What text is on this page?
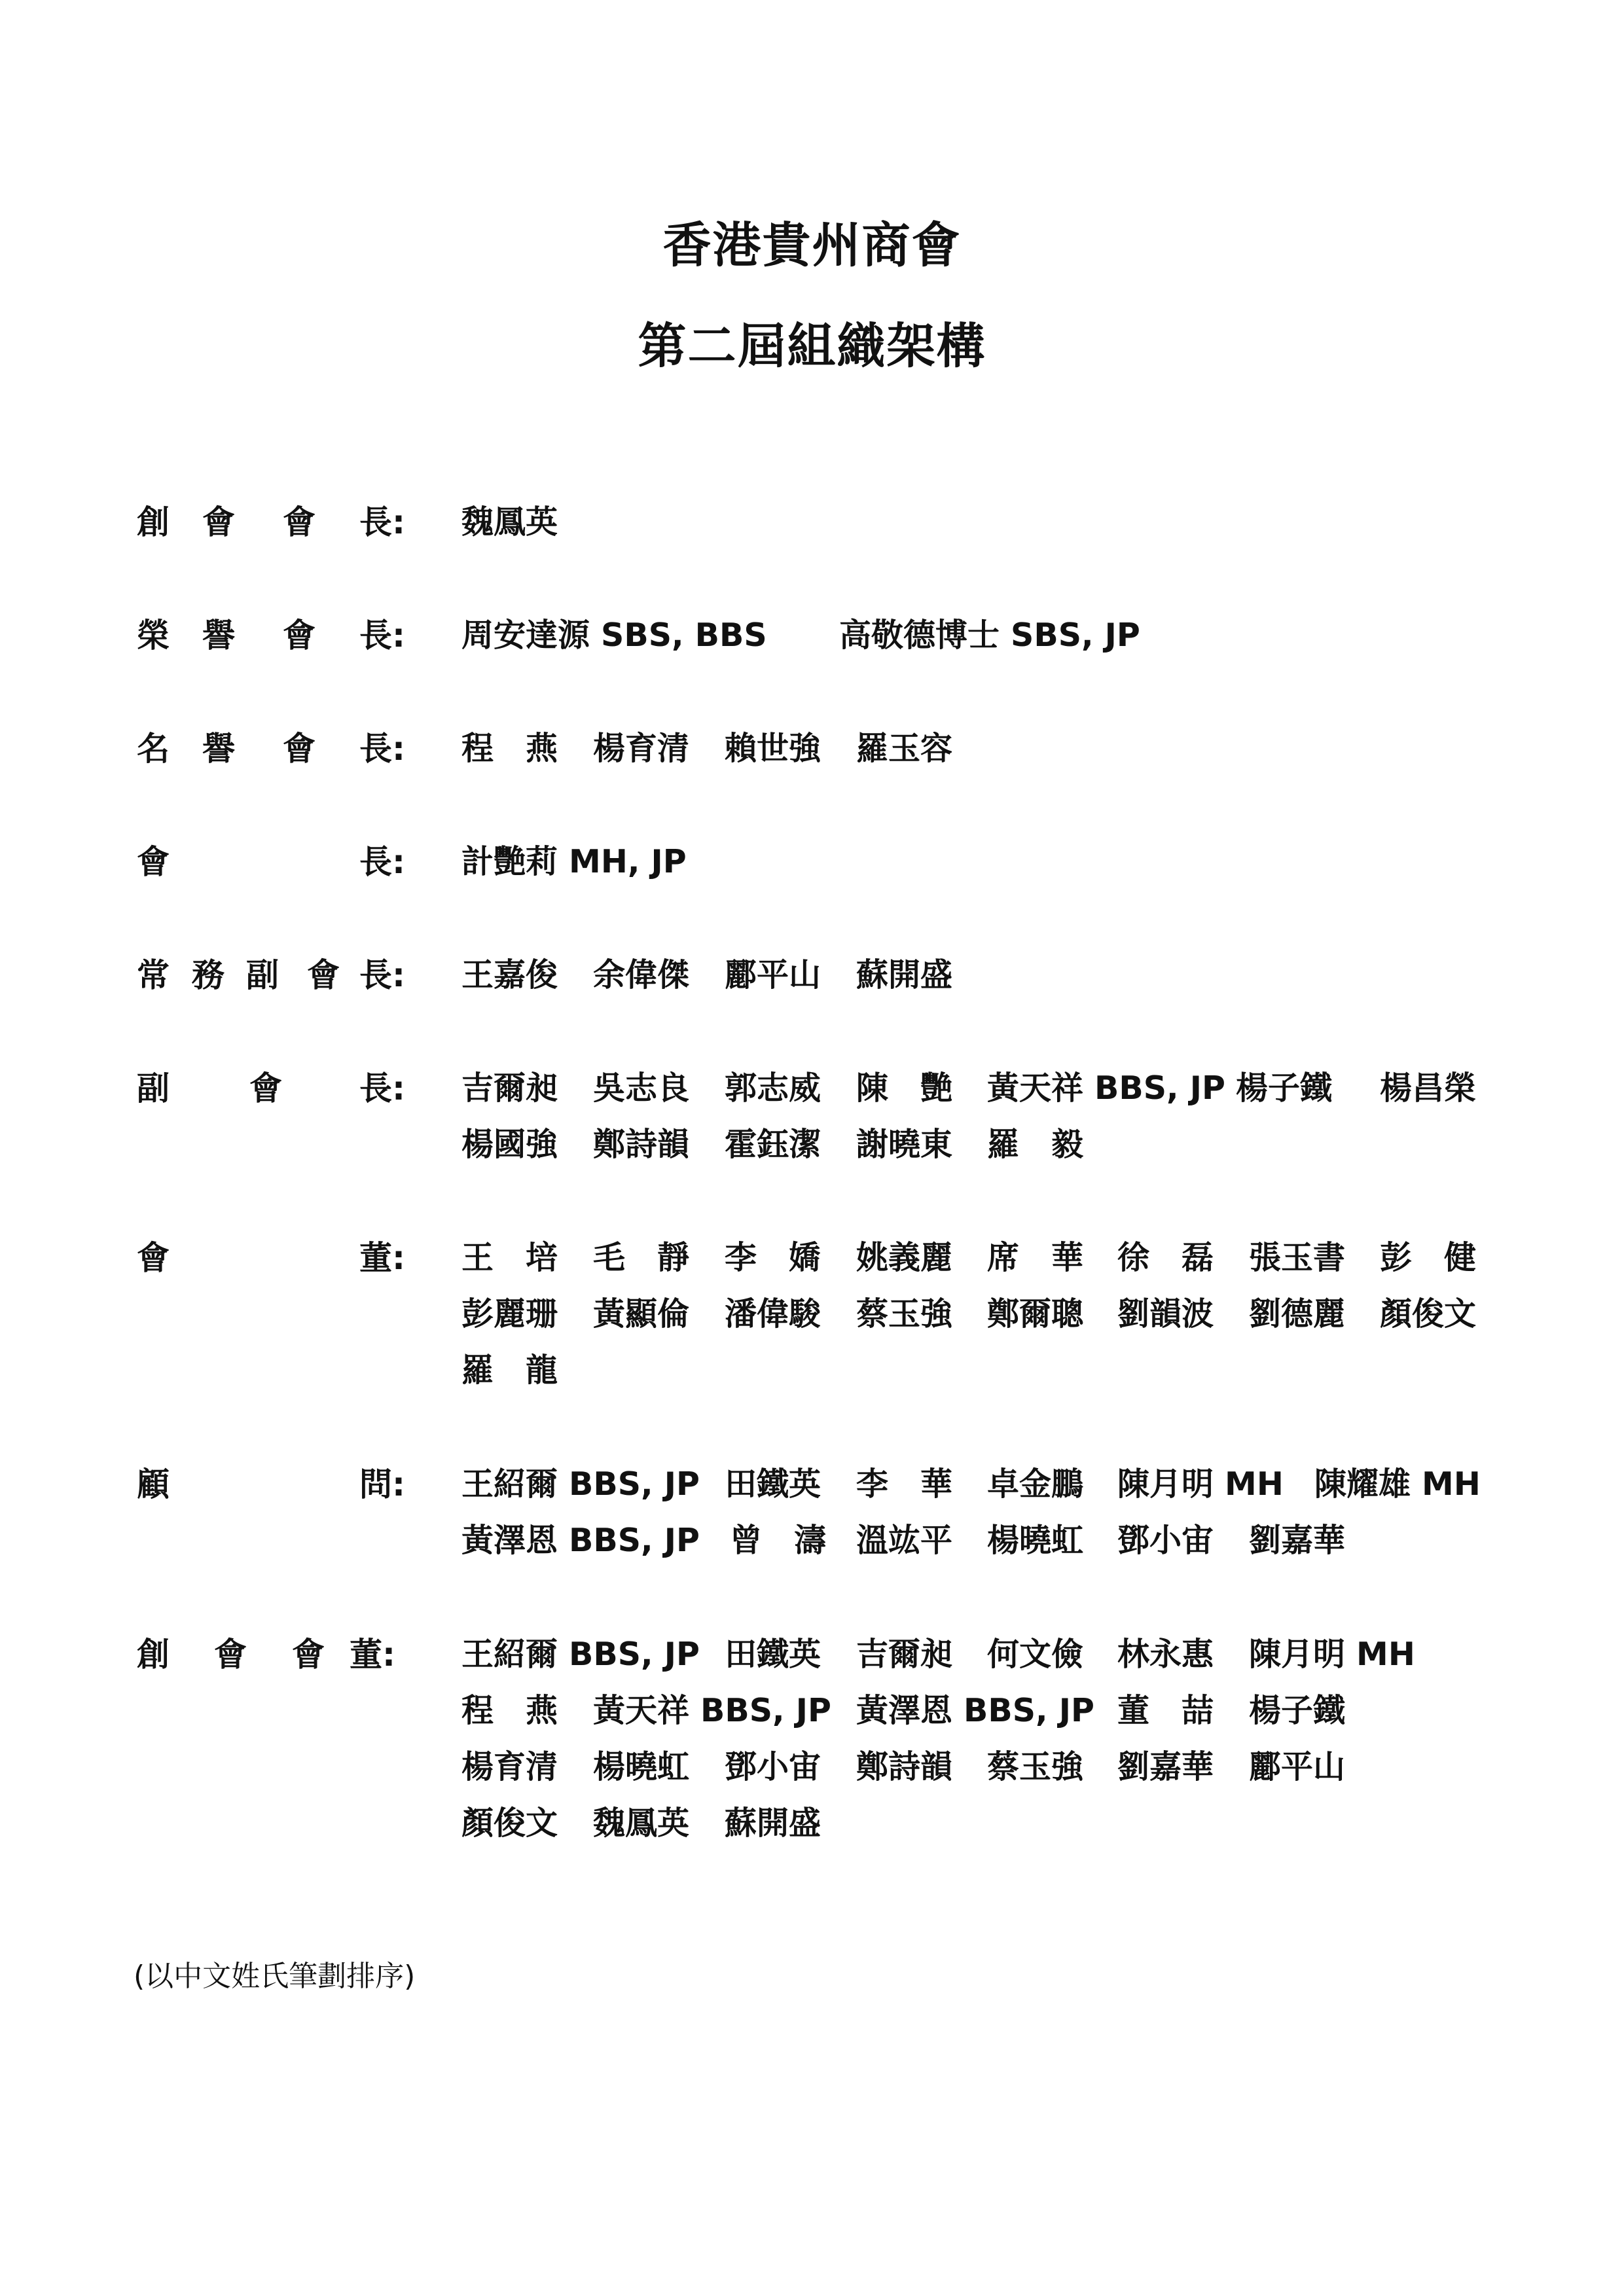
香港貴州商會
第二屆組織架構
創 會 會 長: 魏鳳英
榮 譽 會 長: 周安達源 SBS, BBS 高敬德博士 SBS, JP
名 譽 會 長: 程　燕 楊育清 賴世強 羅玉容
會	長: 計艷莉 MH, JP
常 務 副 會 長: 王嘉俊 余偉傑 酈平山 蘇開盛
副 會 長: 吉爾昶 吳志良 郭志威 陳　艷 黃天祥 BBS, JP 楊子鐵 楊昌榮
楊國強 鄭詩韻 霍鈺潔 謝曉東 羅　毅
會	董: 王　培 毛　靜 李　嬌 姚義麗 席　華 徐　磊 張玉書 彭　健
彭麗珊 黃顯倫 潘偉駿 蔡玉強 鄭爾聰 劉韻波 劉德麗 顏俊文
羅　龍
顧	問: 王紹爾 BBS, JP 田鐵英 李　華 卓金鵬 陳月明 MH 陳耀雄 MH
黃澤恩 BBS, JP 曾　濤 溫竑平 楊曉虹 鄧小宙 劉嘉華
創 會 會 董: 王紹爾 BBS, JP 田鐵英 吉爾昶 何文儉 林永惠 陳月明 MH
程　燕 黃天祥 BBS, JP 黃澤恩 BBS, JP 董　喆 楊子鐵
楊育清 楊曉虹 鄧小宙 鄭詩韻 蔡玉強 劉嘉華 酈平山
顏俊文 魏鳳英 蘇開盛
(以中文姓氏筆劃排序)
